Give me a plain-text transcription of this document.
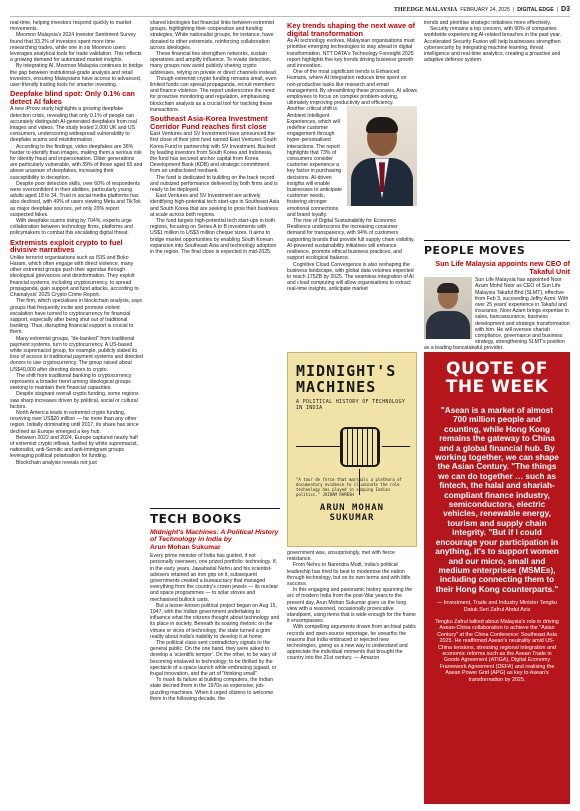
THEEDGE MALAYSIA FEBRUARY 24, 2025 | DIGITAL EDGE | D3

real-time, helping investors respond quickly to market movements.

Moomoo Malaysia's 2024 Investor Sentiment Survey found that 33.2% of investors spent more time researching trades, while one in six Moomoo users leverages analytical tools for trade validation. This reflects a growing demand for automated market insights.

By integrating AI, Moomoo Malaysia continues to bridge the gap between institutional-grade analysis and retail investors, ensuring Malaysians have access to advanced, user-friendly trading tools for smarter investing.

Deepfake blind spot: Only 0.1% can detect AI fakes

A new iProov study highlights a growing deepfake detection crisis, revealing that only 0.1% of people can accurately distinguish AI-generated deepfakes from real images and videos. The study tested 2,000 UK and US consumers, underscoring widespread vulnerability to deepfake scams and misinformation.

According to the findings, video deepfakes are 36% harder to identify than images, making them a serious risk for identity fraud and impersonation. Older generations are particularly vulnerable, with 39% of those aged 65 and above unaware of deepfakes, increasing their susceptibility to deception.

Despite poor detection skills, over 60% of respondents were overconfident in their abilities, particularly young adults aged 18 to 34. Trust in social media platforms has also declined, with 49% of users viewing Meta and TikTok as major deepfake sources, yet only 20% report suspected fakes.

With deepfake scams rising by 704%, experts urge collaboration between technology firms, platforms and policymakers to combat this escalating digital threat.

Extremists exploit crypto to fuel divisive narratives

Unlike terrorist organisations such as ISIS and Boko Haram, which often engage with direct violence, many other extremist groups push their agendas through ideological grievances and disinformation. They exploit financial systems, including cryptocurrency, to spread propaganda, gain support and fund attacks, according to Chainalysis' 2025 Crypto Crime Report.

The firm, which specialises in blockchain analysis, says groups that frequently incite and promote violent escalation have turned to cryptocurrency for financial support, especially after being shut out of traditional banking. Thus, disrupting financial support is crucial to them.

Many extremist groups, "de-banked" from traditional payment systems, turn to cryptocurrency. A US-based white supremacist group, for example, publicly slated its loss of access to traditional payment systems and directed donors to use cryptocurrency. The group raised about US$40,000 after directing donors to crypto.

The shift from traditional banking to cryptocurrency represents a broader trend among ideological groups seeking to maintain their financial capacities.

Despite stagnant overall crypto funding, some regions saw sharp increases driven by political, social or cultural factors.

North America leads in extremist crypto funding, receiving over US$20 million — far more than any other region. Initially dominating until 2017, its share has since declined as Europe emerged a key hub.

Between 2022 and 2024, Europe captured nearly half of extremist crypto inflows, fuelled by white supremacist, nationalist, anti-Semitic and anti-immigrant groups leveraging political polarisation for funding.

Blockchain analysis reveals not just

shared ideologies but financial links between extremist groups, highlighting their cooperation and funding strategies. White nationalist groups, for instance, have donated to other extremists, reinforcing collaboration across ideologies.

These financial ties strengthen networks, sustain operations and amplify influence. To evade detection, many groups now avoid publicly sharing crypto addresses, relying on private or direct channels instead.

Though extremist crypto funding remains small, even limited funds can spread propaganda, recruit members and finance violence. The report underscores the need for proactive monitoring and regulation, emphasising blockchain analysis as a crucial tool for tracking these transactions.

Southeast Asia-Korea Investment Corridor Fund reaches first close

East Ventures and SV Investment have announced the first close of their joint fund named East Ventures South Korea Fund in partnership with SV Investment. Backed by leading investors from South Korea and Indonesia, the fund has secured anchor capital from Korea Development Bank (KDB) and strategic commitment from an undisclosed neobank.

The fund is dedicated to building on the track record and outsized performance delivered by both firms and is ready to be deployed.

East Ventures and SV Investment are actively identifying high-potential tech start-ups in Southeast Asia and South Korea that are seeking to grow their business at scale across both regions.

The fund targets high-potential tech start-ups in both regions, focusing on Series A to B investments with US$1 million to US$3 million cheque sizes. It aims to bridge market opportunities by enabling South Korean expansion into Southeast Asia and technology adoption in the region. The final close is expected in mid-2025.

Key trends shaping the next wave of digital transformation

As AI technology evolves, Malaysian organisations must prioritise emerging technologies to stay ahead in digital transformation. NTT DATA's Technology Foresight 2025 report highlights five key trends driving business growth and innovation.

One of the most significant trends is Enhanced Humans, where AI integration reduces time spent on non-productive tasks like research and email management. By streamlining these processes, AI allows employees to focus on complex problem-solving, ultimately improving productivity and efficiency.

Another critical shift is Ambient Intelligent Experiences, which will redefine customer engagement through hyper-personalised interactions. The report highlights that 73% of consumers consider customer experience a key factor in purchasing decisions. AI-driven insights will enable businesses to anticipate customer needs, fostering stronger emotional connections and brand loyalty.

The rise of Digital Sustainability for Economic Resilience underscores the increasing consumer demand for transparency, with 94% of customers supporting brands that provide full supply chain visibility. AI-powered sustainability initiatives will enhance resilience, promote ethical business practices, and support ecological balance.

Cognitive Cloud Convergence is also reshaping the business landscape, with global data volumes expected to reach 175ZB by 2025. The seamless integration of AI and cloud computing will allow organisations to extract real-time insights, anticipate market

trends and prioritise strategic initiatives more effectively.

Security remains a top concern, with 90% of companies worldwide experiencing AI-related breaches in the past year. Accelerated Security Fusion will help businesses strengthen cybersecurity by integrating machine learning, threat intelligence and real-time analytics, creating a proactive and adaptive defence system.

PEOPLE MOVES
Sun Life Malaysia appoints new CEO of Takaful Unit
Sun Life Malaysia has appointed Noor Azam Mohd Noor as CEO of Sun Life Malaysia Takaful Bhd (SLMT), effective from Feb 3, succeeding Jeffry Azmi. With over 25 years' experience in Takaful and insurance, Noor Azam brings expertise in sales, bancassurance, business development and strategic transformation with him. He will oversee shariah compliance, governance and business strategy, strengthening SLMT's position as a leading bancatakaful provider.
QUOTE OF THE WEEK
"Asean is a market of almost 700 million people and counting, while Hong Kong remains the gateway to China and a global financial hub. By working together, we can shape the Asian Century. "The things we can do together … such as fintech, the halal and shariah-compliant finance industry, semiconductors, electric vehicles, renewable energy, tourism and supply chain integrity. "But if I could encourage your participation in anything, it's to support women and our micro, small and medium enterprises (MSMEs), including connecting them to their Hong Kong counterparts."
— Investment, Trade and Industry Minister Tengku Datuk Seri Zafrul Abdul Aziz
Tengku Zafrul talked about Malaysia's role in driving Asean-China collaboration to achieve the "Asian Century" at the China Conference: Southeast Asia 2025. He reaffirmed Asean's neutrality amid US-China tensions, stressing regional integration and economic reforms such as the Asean Trade in Goods Agreement (ATIGA), Digital Economy Framework Agreement (DEFA) and realising the Asean Power Grid (APG) as key to Asean's transformation by 2025.
TECH BOOKS
Midnight's Machines: A Political History of Technology in India by
Arun Mohan Sukumar

Every prime minister of India has guided, if not personally overseen, one prized portfolio: technology. If, in the early years, Jawaharlal Nehru and his scientist-advisers retained an iron grip on it, subsequent governments created a bureaucracy that managed everything from the country's crown jewels — its nuclear and space programmes — to solar stoves and mechanised bullock carts.

But a lesser-known political project began on Aug 15, 1947, with the Indian government undertaking to influence what the citizens thought about technology and its place in society. Beneath its soaring rhetoric on the virtues or vices of technology, the state turned a grim reality about India's inability to develop it at home.

The political class sent contradictory signals to the general public. On the one hand, they were asked to develop a 'scientific temper'. On the other, to be wary of becoming enslaved to technology; to be thrilled by the spectacle of a space launch while embracing jugaad, or frugal innovation, and the art of "thinking small".

To mask its failure at building computers, the Indian state decried them in the 1970s as expensive, job-guzzling machines. When it urged citizens to welcome them in the following decade, the

MIDNIGHT'S MACHINES
A POLITICAL HISTORY OF TECHNOLOGY IN INDIA
"A tour de force that marshals a plethora of documentary evidence to illuminate the role technology has played in shaping Indian politics." JAIRAM RAMESH
ARUN MOHAN SUKUMAR

government was, unsurprisingly, met with fierce resistance.

From Nehru to Narendra Modi, India's political leadership has tried its best to modernise the nation through technology, but on its own terms and with little success.

In this engaging and panoramic history spanning the arc of modern India from the post-War years to the present day, Arun Mohan Sukumar gives us the long view with a reasoned, occasionally provocative standpoint, using items that is wide enough for the frame it encompasses.

With compelling arguments drawn from archival public records and open-source reportage, he unearths the reasons that India embraced or rejected new technologies, giving us a new way to understand and appreciate the individual moments that brought the country into the 21st century. — Amazon
